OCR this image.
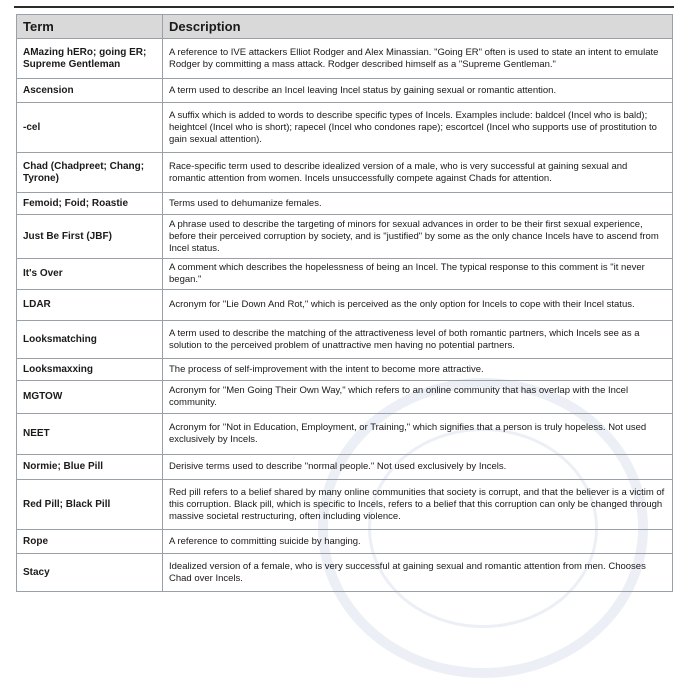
Term	Description
AMazing hERo; going ER; Supreme Gentleman	A reference to IVE attackers Elliot Rodger and Alex Minassian. "Going ER" often is used to state an intent to emulate Rodger by committing a mass attack. Rodger described himself as a "Supreme Gentleman."
Ascension	A term used to describe an Incel leaving Incel status by gaining sexual or romantic attention.
-cel	A suffix which is added to words to describe specific types of Incels. Examples include: baldcel (Incel who is bald); heightcel (Incel who is short); rapecel (Incel who condones rape); escortcel (Incel who supports use of prostitution to gain sexual attention).
Chad (Chadpreet; Chang; Tyrone)	Race-specific term used to describe idealized version of a male, who is very successful at gaining sexual and romantic attention from women. Incels unsuccessfully compete against Chads for attention.
Femoid; Foid; Roastie	Terms used to dehumanize females.
Just Be First (JBF)	A phrase used to describe the targeting of minors for sexual advances in order to be their first sexual experience, before their perceived corruption by society, and is "justified" by some as the only chance Incels have to ascend from Incel status.
It's Over	A comment which describes the hopelessness of being an Incel. The typical response to this comment is "it never began."
LDAR	Acronym for "Lie Down And Rot," which is perceived as the only option for Incels to cope with their Incel status.
Looksmatching	A term used to describe the matching of the attractiveness level of both romantic partners, which Incels see as a solution to the perceived problem of unattractive men having no potential partners.
Looksmaxxing	The process of self-improvement with the intent to become more attractive.
MGTOW	Acronym for "Men Going Their Own Way," which refers to an online community that has overlap with the Incel community.
NEET	Acronym for "Not in Education, Employment, or Training," which signifies that a person is truly hopeless. Not used exclusively by Incels.
Normie; Blue Pill	Derisive terms used to describe "normal people." Not used exclusively by Incels.
Red Pill; Black Pill	Red pill refers to a belief shared by many online communities that society is corrupt, and that the believer is a victim of this corruption. Black pill, which is specific to Incels, refers to a belief that this corruption can only be changed through massive societal restructuring, often including violence.
Rope	A reference to committing suicide by hanging.
Stacy	Idealized version of a female, who is very successful at gaining sexual and romantic attention from men. Chooses Chad over Incels.
